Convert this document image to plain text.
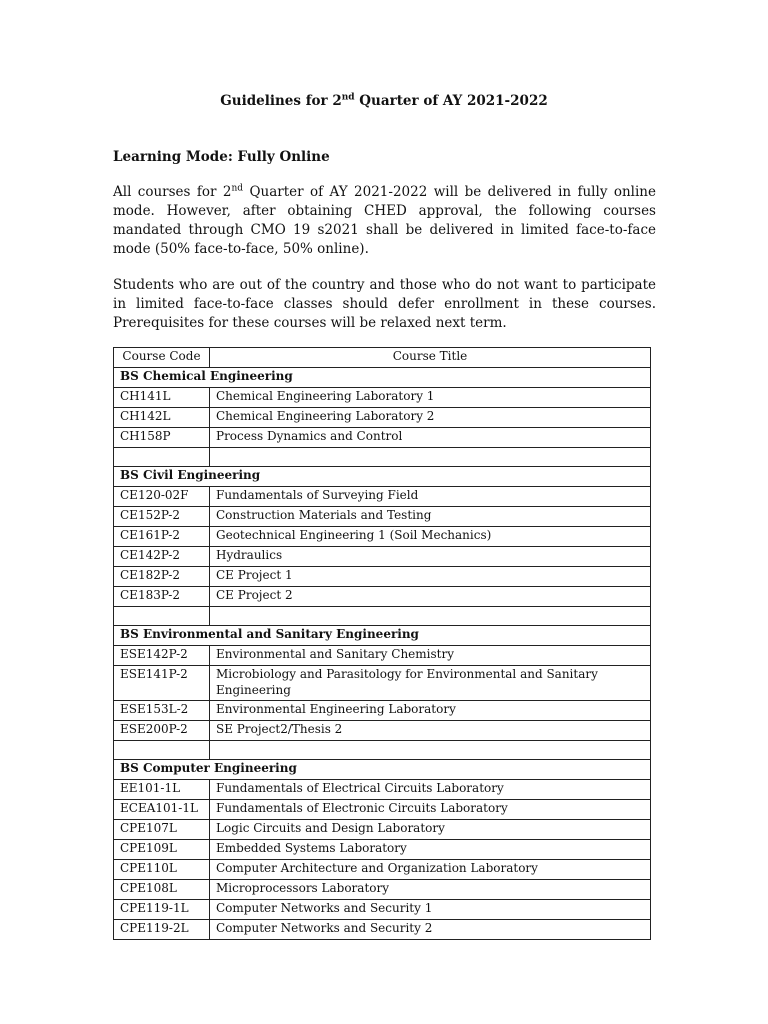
Guidelines for 2nd Quarter of AY 2021-2022
Learning Mode: Fully Online
All courses for 2nd Quarter of AY 2021-2022 will be delivered in fully online mode. However, after obtaining CHED approval, the following courses mandated through CMO 19 s2021 shall be delivered in limited face-to-face mode (50% face-to-face, 50% online).
Students who are out of the country and those who do not want to participate in limited face-to-face classes should defer enrollment in these courses. Prerequisites for these courses will be relaxed next term.
Course Code	Course Title
BS Chemical Engineering	
CH141L	Chemical Engineering Laboratory 1
CH142L	Chemical Engineering Laboratory 2
CH158P	Process Dynamics and Control

BS Civil Engineering	
CE120-02F	Fundamentals of Surveying Field
CE152P-2	Construction Materials and Testing
CE161P-2	Geotechnical Engineering 1 (Soil Mechanics)
CE142P-2	Hydraulics
CE182P-2	CE Project 1
CE183P-2	CE Project 2

BS Environmental and Sanitary Engineering	
ESE142P-2	Environmental and Sanitary Chemistry
ESE141P-2	Microbiology and Parasitology for Environmental and Sanitary Engineering
ESE153L-2	Environmental Engineering Laboratory
ESE200P-2	SE Project2/Thesis 2

BS Computer Engineering	
EE101-1L	Fundamentals of Electrical Circuits Laboratory
ECEA101-1L	Fundamentals of Electronic Circuits Laboratory
CPE107L	Logic Circuits and Design Laboratory
CPE109L	Embedded Systems Laboratory
CPE110L	Computer Architecture and Organization Laboratory
CPE108L	Microprocessors Laboratory
CPE119-1L	Computer Networks and Security 1
CPE119-2L	Computer Networks and Security 2
